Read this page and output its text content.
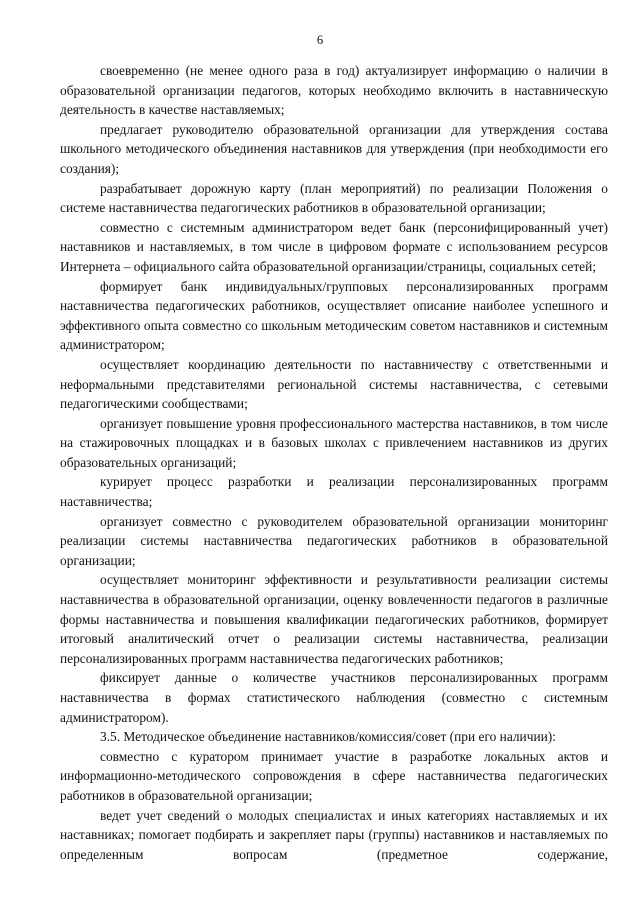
6

своевременно (не менее одного раза в год) актуализирует информацию о наличии в образовательной организации педагогов, которых необходимо включить в наставническую деятельность в качестве наставляемых;

предлагает руководителю образовательной организации для утверждения состава школьного методического объединения наставников для утверждения (при необходимости его создания);

разрабатывает дорожную карту (план мероприятий) по реализации Положения о системе наставничества педагогических работников в образовательной организации;

совместно с системным администратором ведет банк (персонифицированный учет) наставников и наставляемых, в том числе в цифровом формате с использованием ресурсов Интернета – официального сайта образовательной организации/страницы, социальных сетей;

формирует банк индивидуальных/групповых персонализированных программ наставничества педагогических работников, осуществляет описание наиболее успешного и эффективного опыта совместно со школьным методическим советом наставников и системным администратором;

осуществляет координацию деятельности по наставничеству с ответственными и неформальными представителями региональной системы наставничества, с сетевыми педагогическими сообществами;

организует повышение уровня профессионального мастерства наставников, в том числе на стажировочных площадках и в базовых школах с привлечением наставников из других образовательных организаций;

курирует процесс разработки и реализации персонализированных программ наставничества;

организует совместно с руководителем образовательной организации мониторинг реализации системы наставничества педагогических работников в образовательной организации;

осуществляет мониторинг эффективности и результативности реализации системы наставничества в образовательной организации, оценку вовлеченности педагогов в различные формы наставничества и повышения квалификации педагогических работников, формирует итоговый аналитический отчет о реализации системы наставничества, реализации персонализированных программ наставничества педагогических работников;

фиксирует данные о количестве участников персонализированных программ наставничества в формах статистического наблюдения (совместно с системным администратором).

3.5. Методическое объединение наставников/комиссия/совет (при его наличии):

совместно с куратором принимает участие в разработке локальных актов и информационно-методического сопровождения в сфере наставничества педагогических работников в образовательной организации;

ведет учет сведений о молодых специалистах и иных категориях наставляемых и их наставниках; помогает подбирать и закрепляет пары (группы) наставников и наставляемых по определенным вопросам (предметное содержание,
